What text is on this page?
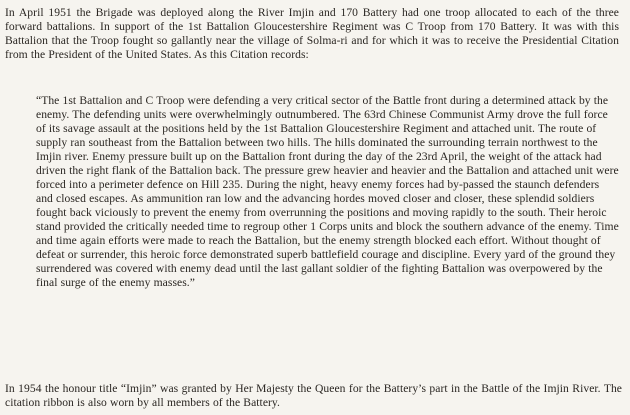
In April 1951 the Brigade was deployed along the River Imjin and 170 Battery had one troop allocated to each of the three forward battalions. In support of the 1st Battalion Gloucestershire Regiment was C Troop from 170 Battery. It was with this Battalion that the Troop fought so gallantly near the village of Solma-ri and for which it was to receive the Presidential Citation from the President of the United States. As this Citation records:

“The 1st Battalion and C Troop were defending a very critical sector of the Battle front during a determined attack by the enemy. The defending units were overwhelmingly outnumbered. The 63rd Chinese Communist Army drove the full force of its savage assault at the positions held by the 1st Battalion Gloucestershire Regiment and attached unit. The route of supply ran southeast from the Battalion between two hills. The hills dominated the surrounding terrain northwest to the Imjin river. Enemy pressure built up on the Battalion front during the day of the 23rd April, the weight of the attack had driven the right flank of the Battalion back. The pressure grew heavier and heavier and the Battalion and attached unit were forced into a perimeter defence on Hill 235. During the night, heavy enemy forces had by-passed the staunch defenders and closed escapes. As ammunition ran low and the advancing hordes moved closer and closer, these splendid soldiers fought back viciously to prevent the enemy from overrunning the positions and moving rapidly to the south. Their heroic stand provided the critically needed time to regroup other 1 Corps units and block the southern advance of the enemy. Time and time again efforts were made to reach the Battalion, but the enemy strength blocked each effort. Without thought of defeat or surrender, this heroic force demonstrated superb battlefield courage and discipline. Every yard of the ground they surrendered was covered with enemy dead until the last gallant soldier of the fighting Battalion was overpowered by the final surge of the enemy masses.”

In 1954 the honour title “Imjin” was granted by Her Majesty the Queen for the Battery’s part in the Battle of the Imjin River. The citation ribbon is also worn by all members of the Battery.
